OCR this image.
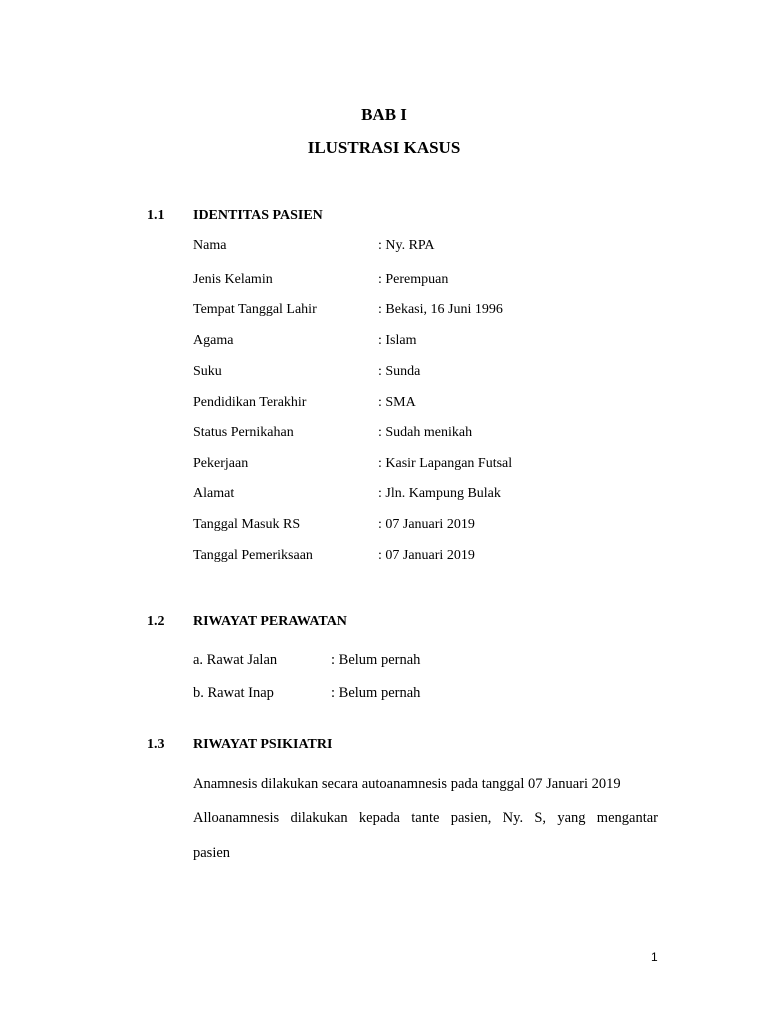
BAB I
ILUSTRASI KASUS
1.1 IDENTITAS PASIEN
Nama	: Ny. RPA
Jenis Kelamin	: Perempuan
Tempat Tanggal Lahir	: Bekasi, 16 Juni 1996
Agama	: Islam
Suku	: Sunda
Pendidikan Terakhir	: SMA
Status Pernikahan	: Sudah menikah
Pekerjaan	: Kasir Lapangan Futsal
Alamat	: Jln. Kampung Bulak
Tanggal Masuk RS	: 07 Januari 2019
Tanggal Pemeriksaan	: 07 Januari 2019
1.2 RIWAYAT PERAWATAN
a. Rawat Jalan	: Belum pernah
b. Rawat Inap	: Belum pernah
1.3 RIWAYAT PSIKIATRI
Anamnesis dilakukan secara autoanamnesis pada tanggal 07 Januari 2019
Alloanamnesis dilakukan kepada tante pasien, Ny. S, yang mengantar
pasien
1
